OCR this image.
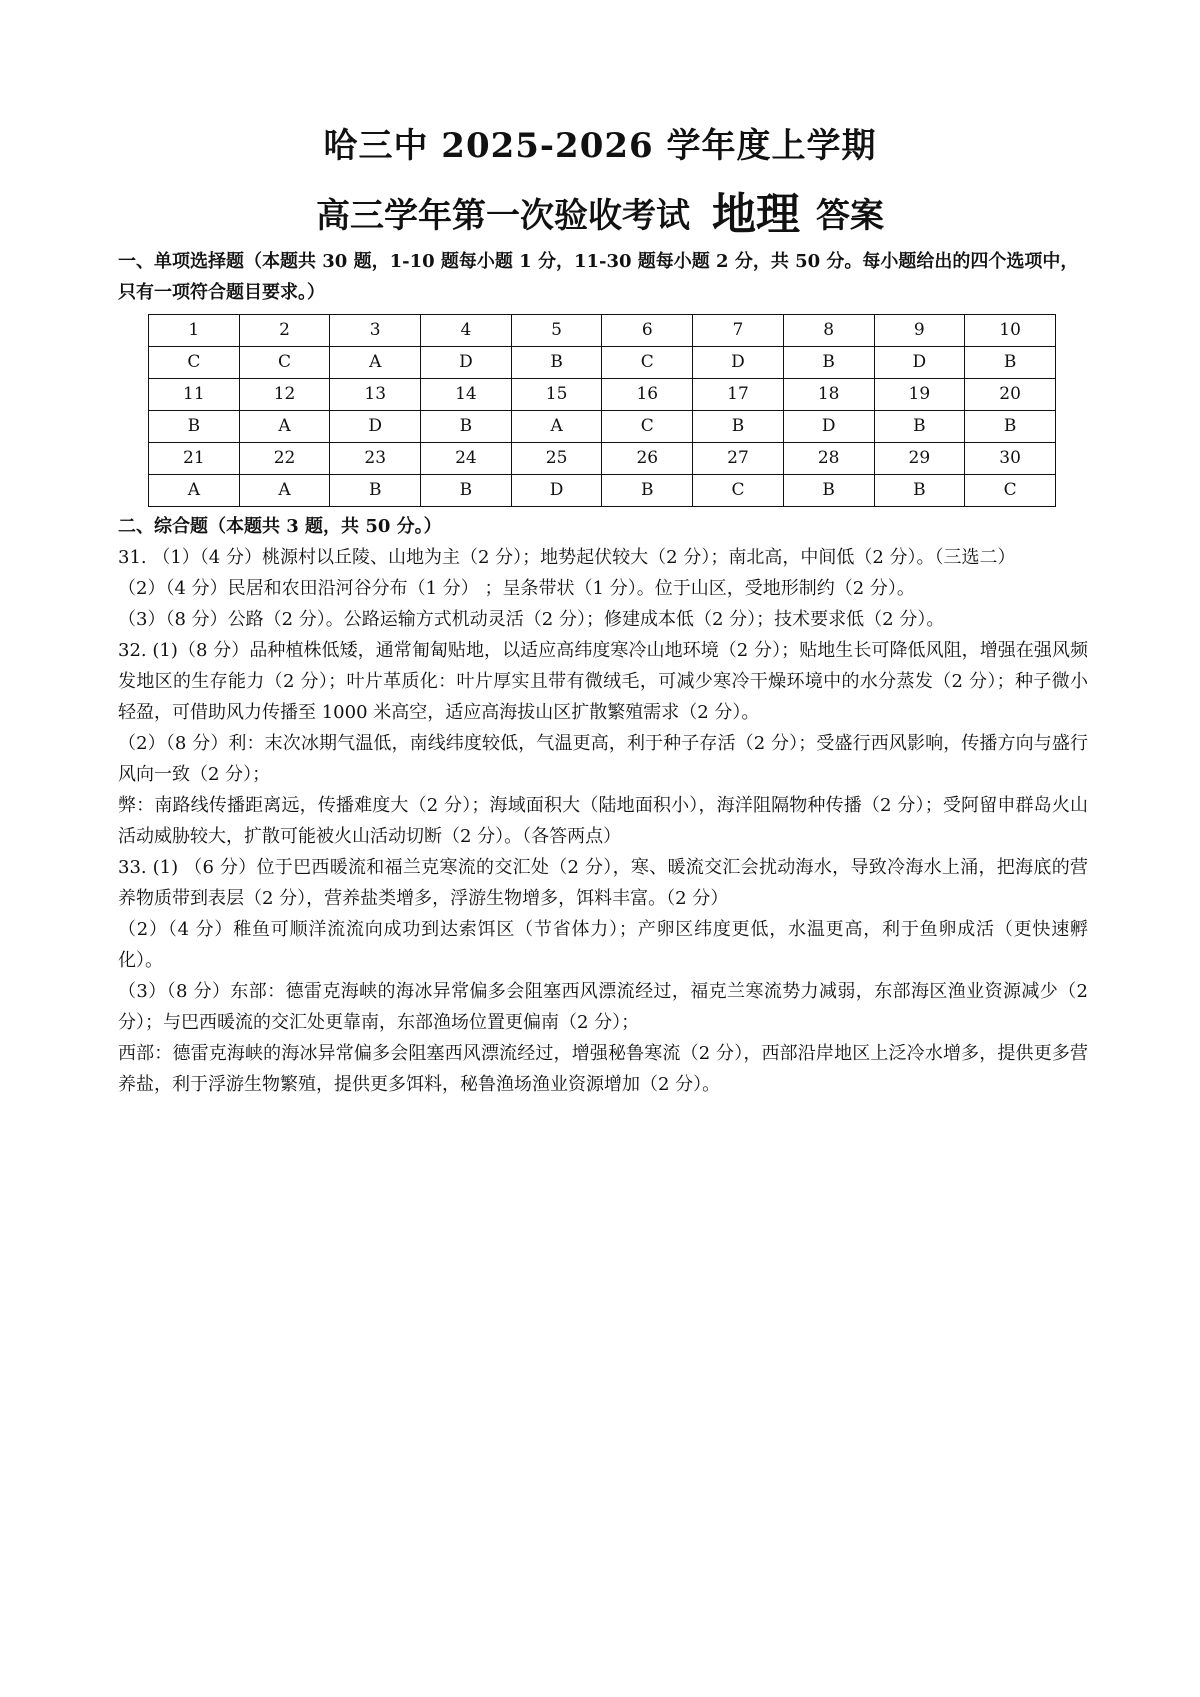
哈三中 2025-2026 学年度上学期
高三学年第一次验收考试 地理 答案
一、单项选择题（本题共 30 题，1-10 题每小题 1 分，11-30 题每小题 2 分，共 50 分。每小题给出的四个选项中，只有一项符合题目要求。）
1	2	3	4	5	6	7	8	9	10
C	C	A	D	B	C	D	B	D	B
11	12	13	14	15	16	17	18	19	20
B	A	D	B	A	C	B	D	B	B
21	22	23	24	25	26	27	28	29	30
A	A	B	B	D	B	C	B	B	C
二、综合题（本题共 3 题，共 50 分。）

31. （1）（4 分）桃源村以丘陵、山地为主（2 分）；地势起伏较大（2 分）；南北高，中间低（2 分）。（三选二）

（2）（4 分）民居和农田沿河谷分布（1 分） ；呈条带状（1 分）。位于山区，受地形制约（2 分）。

（3）（8 分）公路（2 分）。公路运输方式机动灵活（2 分）；修建成本低（2 分）；技术要求低（2 分）。

32. (1)（8 分）品种植株低矮，通常匍匐贴地，以适应高纬度寒冷山地环境（2 分）；贴地生长可降低风阻，增强在强风频发地区的生存能力（2 分）；叶片革质化：叶片厚实且带有微绒毛，可减少寒冷干燥环境中的水分蒸发（2 分）；种子微小轻盈，可借助风力传播至 1000 米高空，适应高海拔山区扩散繁殖需求（2 分）。

（2）（8 分）利：末次冰期气温低，南线纬度较低，气温更高，利于种子存活（2 分）；受盛行西风影响，传播方向与盛行风向一致（2 分）；

弊：南路线传播距离远，传播难度大（2 分）；海域面积大（陆地面积小），海洋阻隔物种传播（2 分）；受阿留申群岛火山活动威胁较大，扩散可能被火山活动切断（2 分）。（各答两点）

33. (1) （6 分）位于巴西暖流和福兰克寒流的交汇处（2 分），寒、暖流交汇会扰动海水，导致冷海水上涌，把海底的营养物质带到表层（2 分），营养盐类增多，浮游生物增多，饵料丰富。（2 分）

（2）（4 分）稚鱼可顺洋流流向成功到达索饵区（节省体力）；产卵区纬度更低，水温更高，利于鱼卵成活（更快速孵化）。

（3）（8 分）东部：德雷克海峡的海冰异常偏多会阻塞西风漂流经过，福克兰寒流势力减弱，东部海区渔业资源减少（2 分）；与巴西暖流的交汇处更靠南，东部渔场位置更偏南（2 分）；

西部：德雷克海峡的海冰异常偏多会阻塞西风漂流经过，增强秘鲁寒流（2 分），西部沿岸地区上泛冷水增多，提供更多营养盐，利于浮游生物繁殖，提供更多饵料，秘鲁渔场渔业资源增加（2 分）。
